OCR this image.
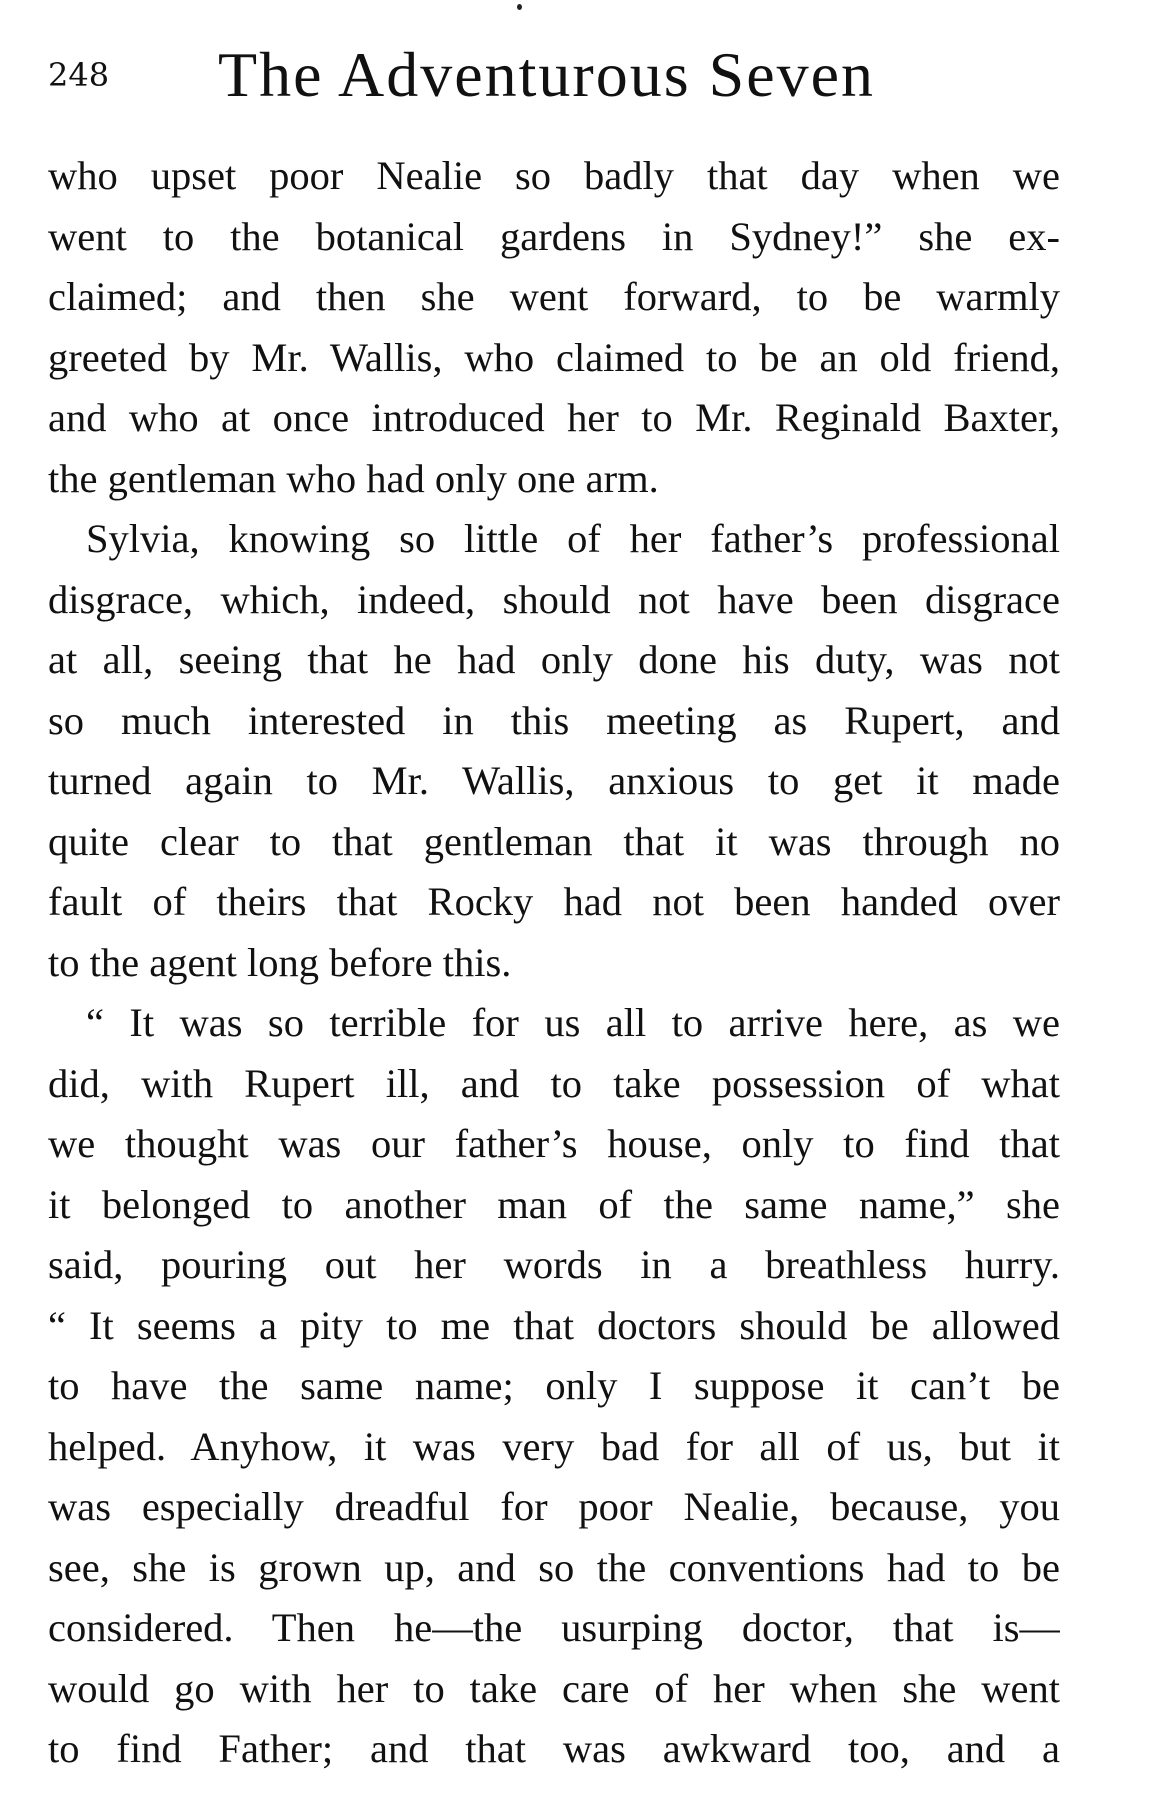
248 The Adventurous Seven
who upset poor Nealie so badly that day when we
went to the botanical gardens in Sydney!” she ex-
claimed; and then she went forward, to be warmly
greeted by Mr. Wallis, who claimed to be an old friend,
and who at once introduced her to Mr. Reginald Baxter,
the gentleman who had only one arm.
Sylvia, knowing so little of her father’s professional
disgrace, which, indeed, should not have been disgrace
at all, seeing that he had only done his duty, was not
so much interested in this meeting as Rupert, and
turned again to Mr. Wallis, anxious to get it made
quite clear to that gentleman that it was through no
fault of theirs that Rocky had not been handed over
to the agent long before this.
“ It was so terrible for us all to arrive here, as we
did, with Rupert ill, and to take possession of what
we thought was our father’s house, only to find that
it belonged to another man of the same name,” she
said, pouring out her words in a breathless hurry.
“ It seems a pity to me that doctors should be allowed
to have the same name; only I suppose it can’t be
helped. Anyhow, it was very bad for all of us, but it
was especially dreadful for poor Nealie, because, you
see, she is grown up, and so the conventions had to be
considered. Then he—the usurping doctor, that is—
would go with her to take care of her when she went
to find Father; and that was awkward too, and a
